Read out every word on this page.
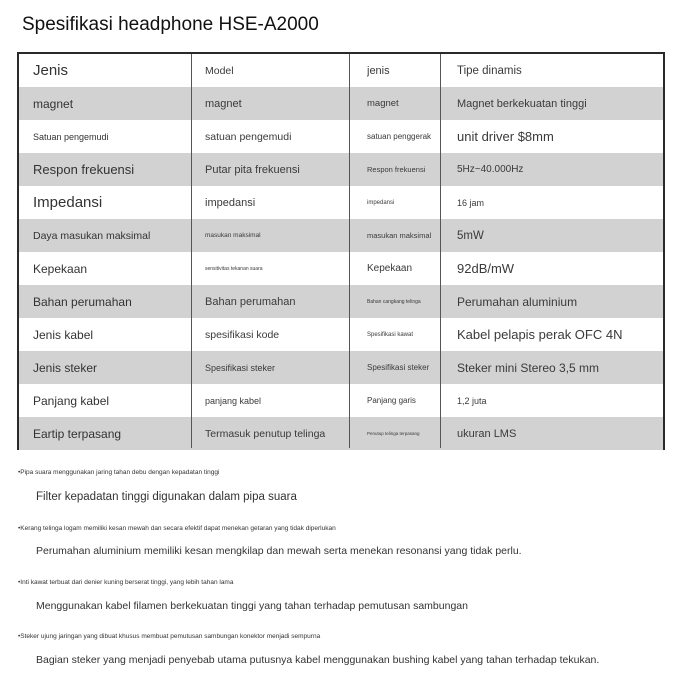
Spesifikasi headphone HSE-A2000
Jenis	Model	jenis	Tipe dinamis
magnet	magnet	magnet	Magnet berkekuatan tinggi
Satuan pengemudi	satuan pengemudi	satuan penggerak	unit driver $8mm
Respon frekuensi	Putar pita frekuensi	Respon frekuensi	5Hz~40.000Hz
Impedansi	impedansi	impedansi	16 jam
Daya masukan maksimal	masukan maksimal	masukan maksimal	5mW
Kepekaan	sensitivitas tekanan suara	Kepekaan	92dB/mW
Bahan perumahan	Bahan perumahan	Bahan cangkang telinga	Perumahan aluminium
Jenis kabel	spesifikasi kode	Spesifikasi kawat	Kabel pelapis perak OFC 4N
Jenis steker	Spesifikasi steker	Spesifikasi steker	Steker mini Stereo 3,5 mm
Panjang kabel	panjang kabel	Panjang garis	1,2 juta
Eartip terpasang	Termasuk penutup telinga	Penutup telinga terpasang	ukuran LMS
•Pipa suara menggunakan jaring tahan debu dengan kepadatan tinggi
Filter kepadatan tinggi digunakan dalam pipa suara
•Kerang telinga logam memiliki kesan mewah dan secara efektif dapat menekan getaran yang tidak diperlukan
Perumahan aluminium memiliki kesan mengkilap dan mewah serta menekan resonansi yang tidak perlu.
•Inti kawat terbuat dari denier kuning berserat tinggi, yang lebih tahan lama
Menggunakan kabel filamen berkekuatan tinggi yang tahan terhadap pemutusan sambungan
•Steker ujung jaringan yang dibuat khusus membuat pemutusan sambungan konektor menjadi sempurna
Bagian steker yang menjadi penyebab utama putusnya kabel menggunakan bushing kabel yang tahan terhadap tekukan.
